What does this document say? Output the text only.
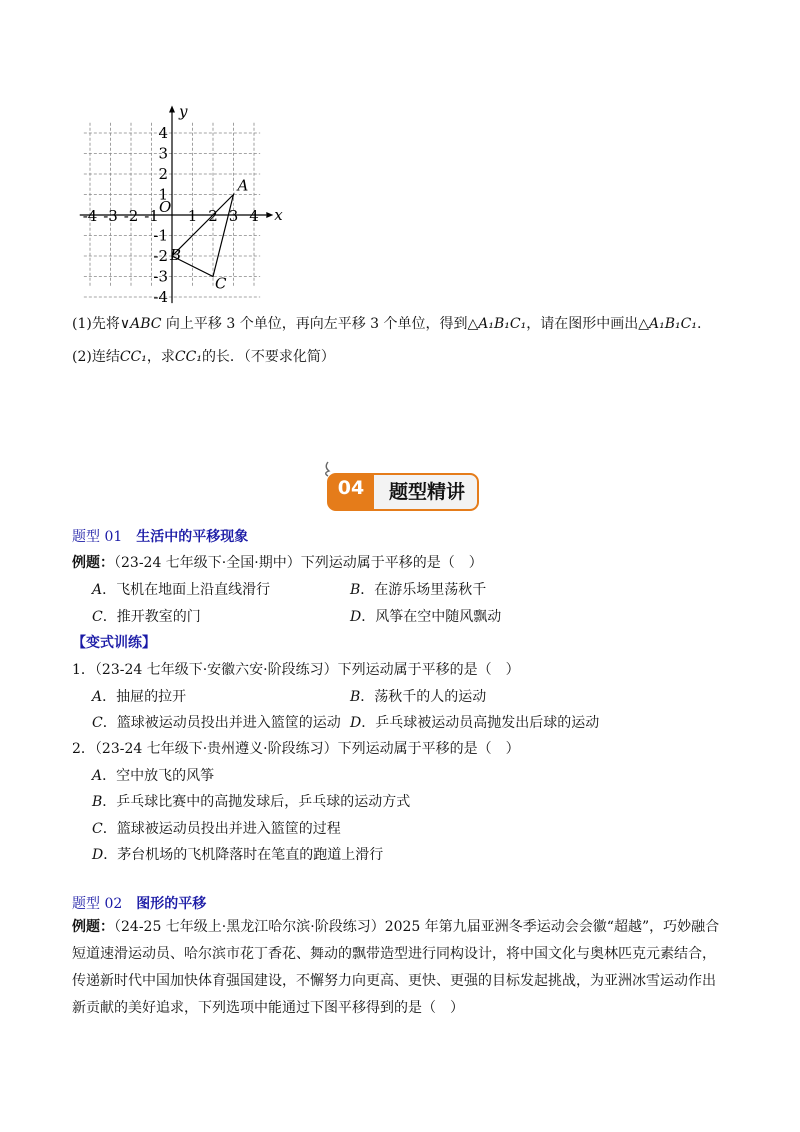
x
y
O
-4 -3 -2 -1 1 2 3 4
4
3
2
1
-1
-2
-3
-4
A
B
C
(1)先将∨ABC 向上平移 3 个单位，再向左平移 3 个单位，得到△A₁B₁C₁，请在图形中画出△A₁B₁C₁.
(2)连结CC₁，求CC₁的长．（不要求化简）
04	题型精讲
题型 01 生活中的平移现象
例题：（23-24 七年级下·全国·期中）下列运动属于平移的是（　）
A．飞机在地面上沿直线滑行	B．在游乐场里荡秋千
C．推开教室的门	D．风筝在空中随风飘动
【变式训练】
1．（23-24 七年级下·安徽六安·阶段练习）下列运动属于平移的是（　）
A．抽屉的拉开	B．荡秋千的人的运动
C．篮球被运动员投出并进入篮筐的运动 D．乒乓球被运动员高抛发出后球的运动
2．（23-24 七年级下·贵州遵义·阶段练习）下列运动属于平移的是（　）
A．空中放飞的风筝
B．乒乓球比赛中的高抛发球后，乒乓球的运动方式
C．篮球被运动员投出并进入篮筐的过程
D．茅台机场的飞机降落时在笔直的跑道上滑行
题型 02 图形的平移
例题：（24-25 七年级上·黑龙江哈尔滨·阶段练习）2025 年第九届亚洲冬季运动会会徽“超越”，巧妙融合
短道速滑运动员、哈尔滨市花丁香花、舞动的飘带造型进行同构设计，将中国文化与奥林匹克元素结合，
传递新时代中国加快体育强国建设，不懈努力向更高、更快、更强的目标发起挑战，为亚洲冰雪运动作出
新贡献的美好追求，下列选项中能通过下图平移得到的是（　）
